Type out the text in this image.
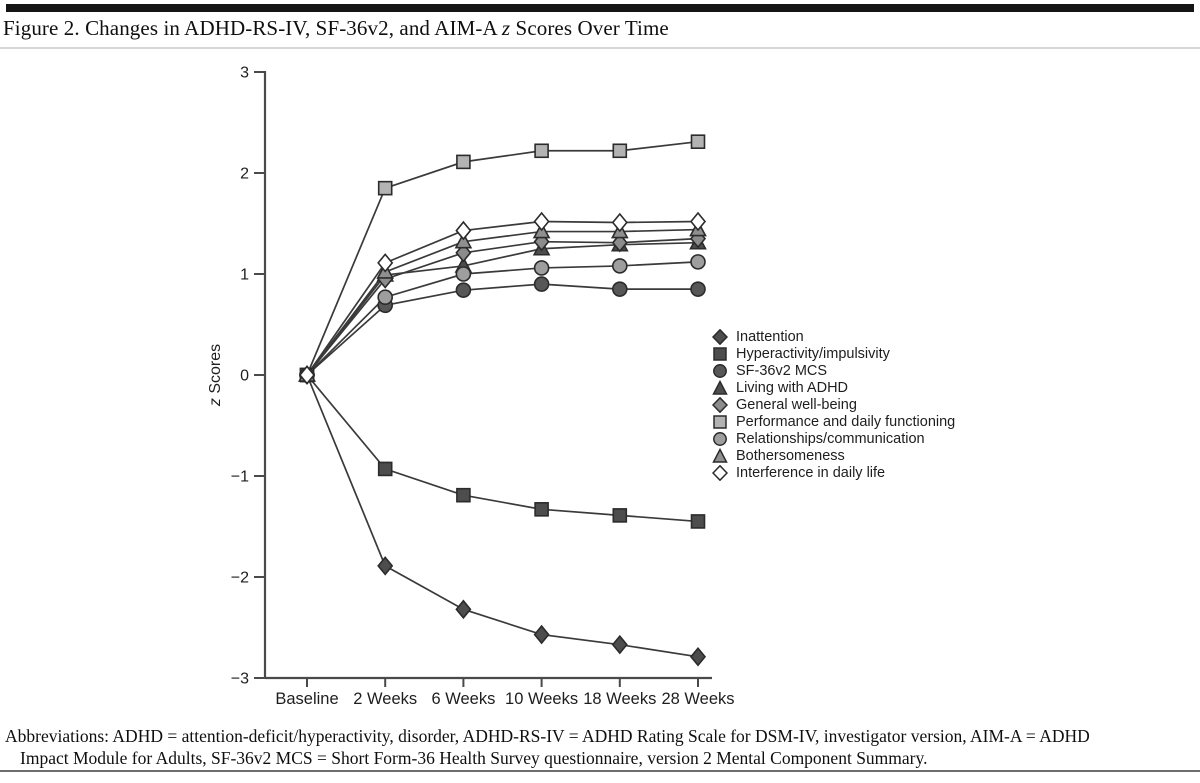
Figure 2. Changes in ADHD-RS-IV, SF-36v2, and AIM-A z Scores Over Time
3
2
1
0
−1
−2
−3
Baseline 2 Weeks 6 Weeks 10 Weeks 18 Weeks 28 Weeks
z Scores
Inattention
Hyperactivity/impulsivity
SF-36v2 MCS
Living with ADHD
General well-being
Performance and daily functioning
Relationships/communication
Bothersomeness
Interference in daily life
Abbreviations: ADHD = attention-deficit/hyperactivity, disorder, ADHD-RS-IV = ADHD Rating Scale for DSM-IV, investigator version, AIM-A = ADHD
Impact Module for Adults, SF-36v2 MCS = Short Form-36 Health Survey questionnaire, version 2 Mental Component Summary.
